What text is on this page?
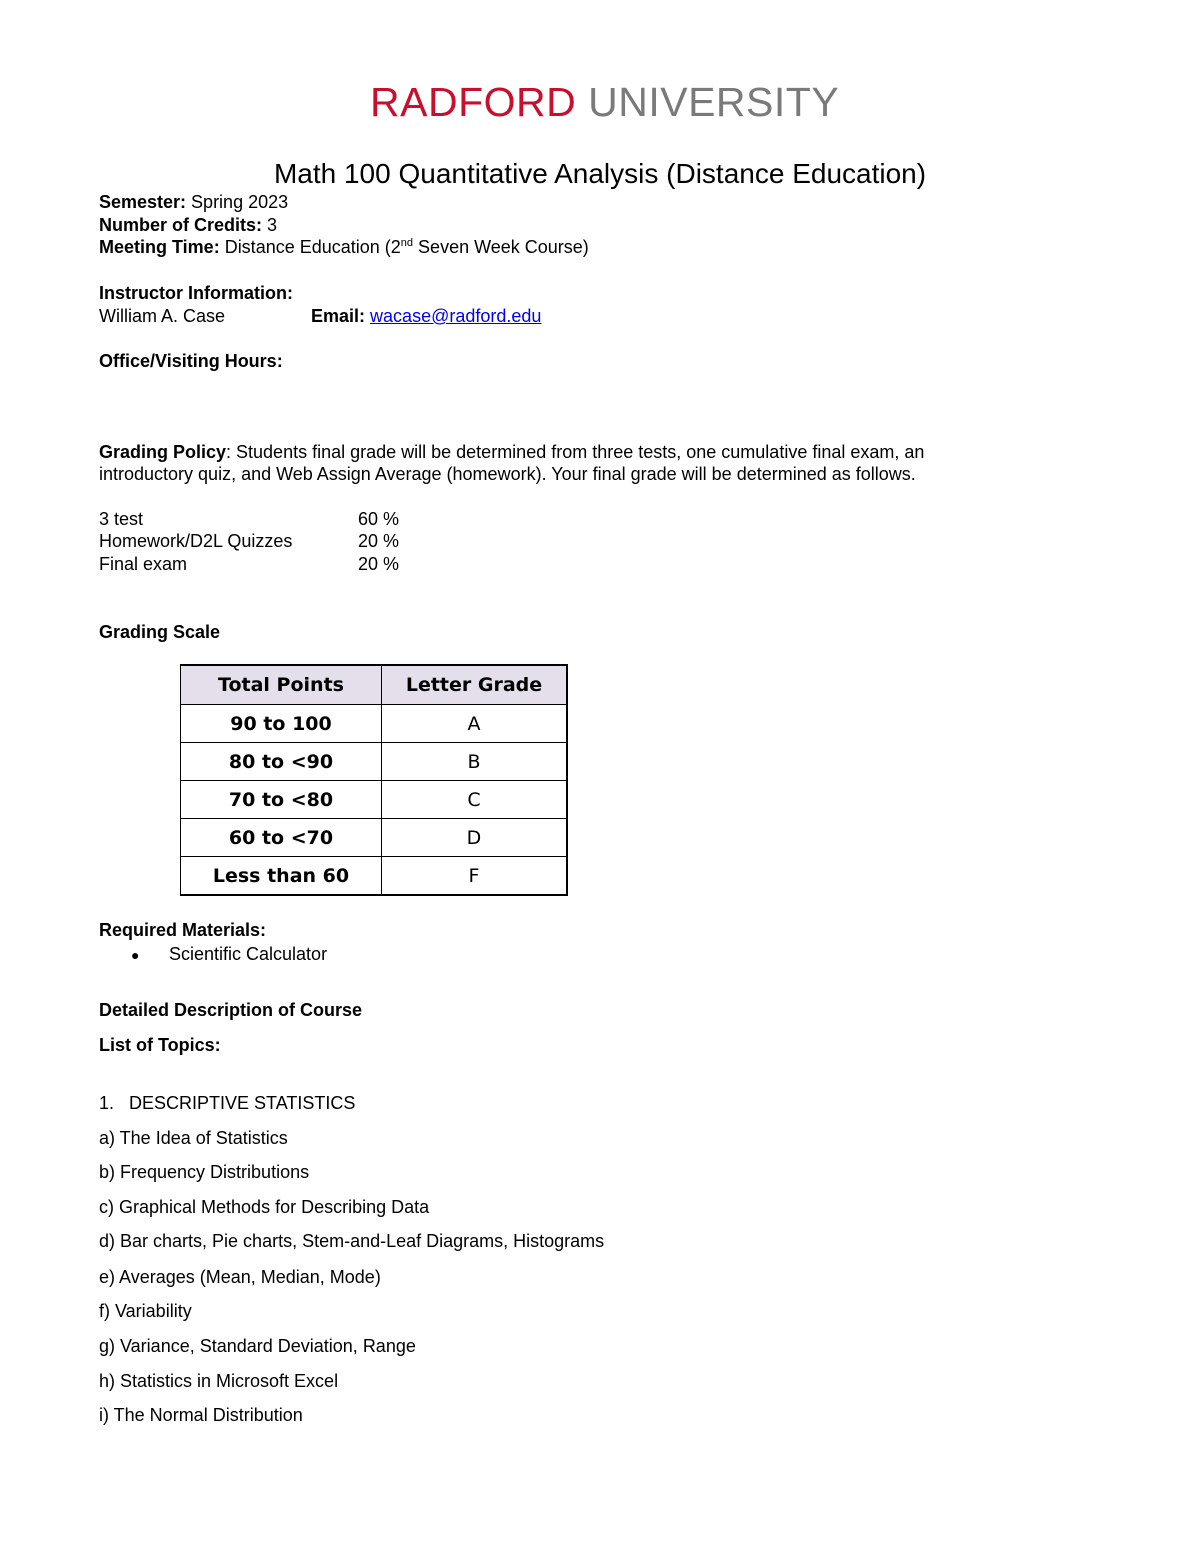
RADFORD UNIVERSITY
Math 100 Quantitative Analysis (Distance Education)
Semester: Spring 2023
Number of Credits: 3
Meeting Time: Distance Education (2nd Seven Week Course)
Instructor Information:
William A. Case	Email: wacase@radford.edu
Office/Visiting Hours:
Grading Policy: Students final grade will be determined from three tests, one cumulative final exam, an
introductory quiz, and Web Assign Average (homework). Your final grade will be determined as follows.
3 test	60 %
Homework/D2L Quizzes	20 %
Final exam	20 %
Grading Scale
Total Points	Letter Grade
90 to 100	A
80 to <90	B
70 to <80	C
60 to <70	D
Less than 60	F
Required Materials:
● Scientific Calculator
Detailed Description of Course
List of Topics:
1.   DESCRIPTIVE STATISTICS
a) The Idea of Statistics
b) Frequency Distributions
c) Graphical Methods for Describing Data
d) Bar charts, Pie charts, Stem-and-Leaf Diagrams, Histograms
e) Averages (Mean, Median, Mode)
f) Variability
g) Variance, Standard Deviation, Range
h) Statistics in Microsoft Excel
i) The Normal Distribution
